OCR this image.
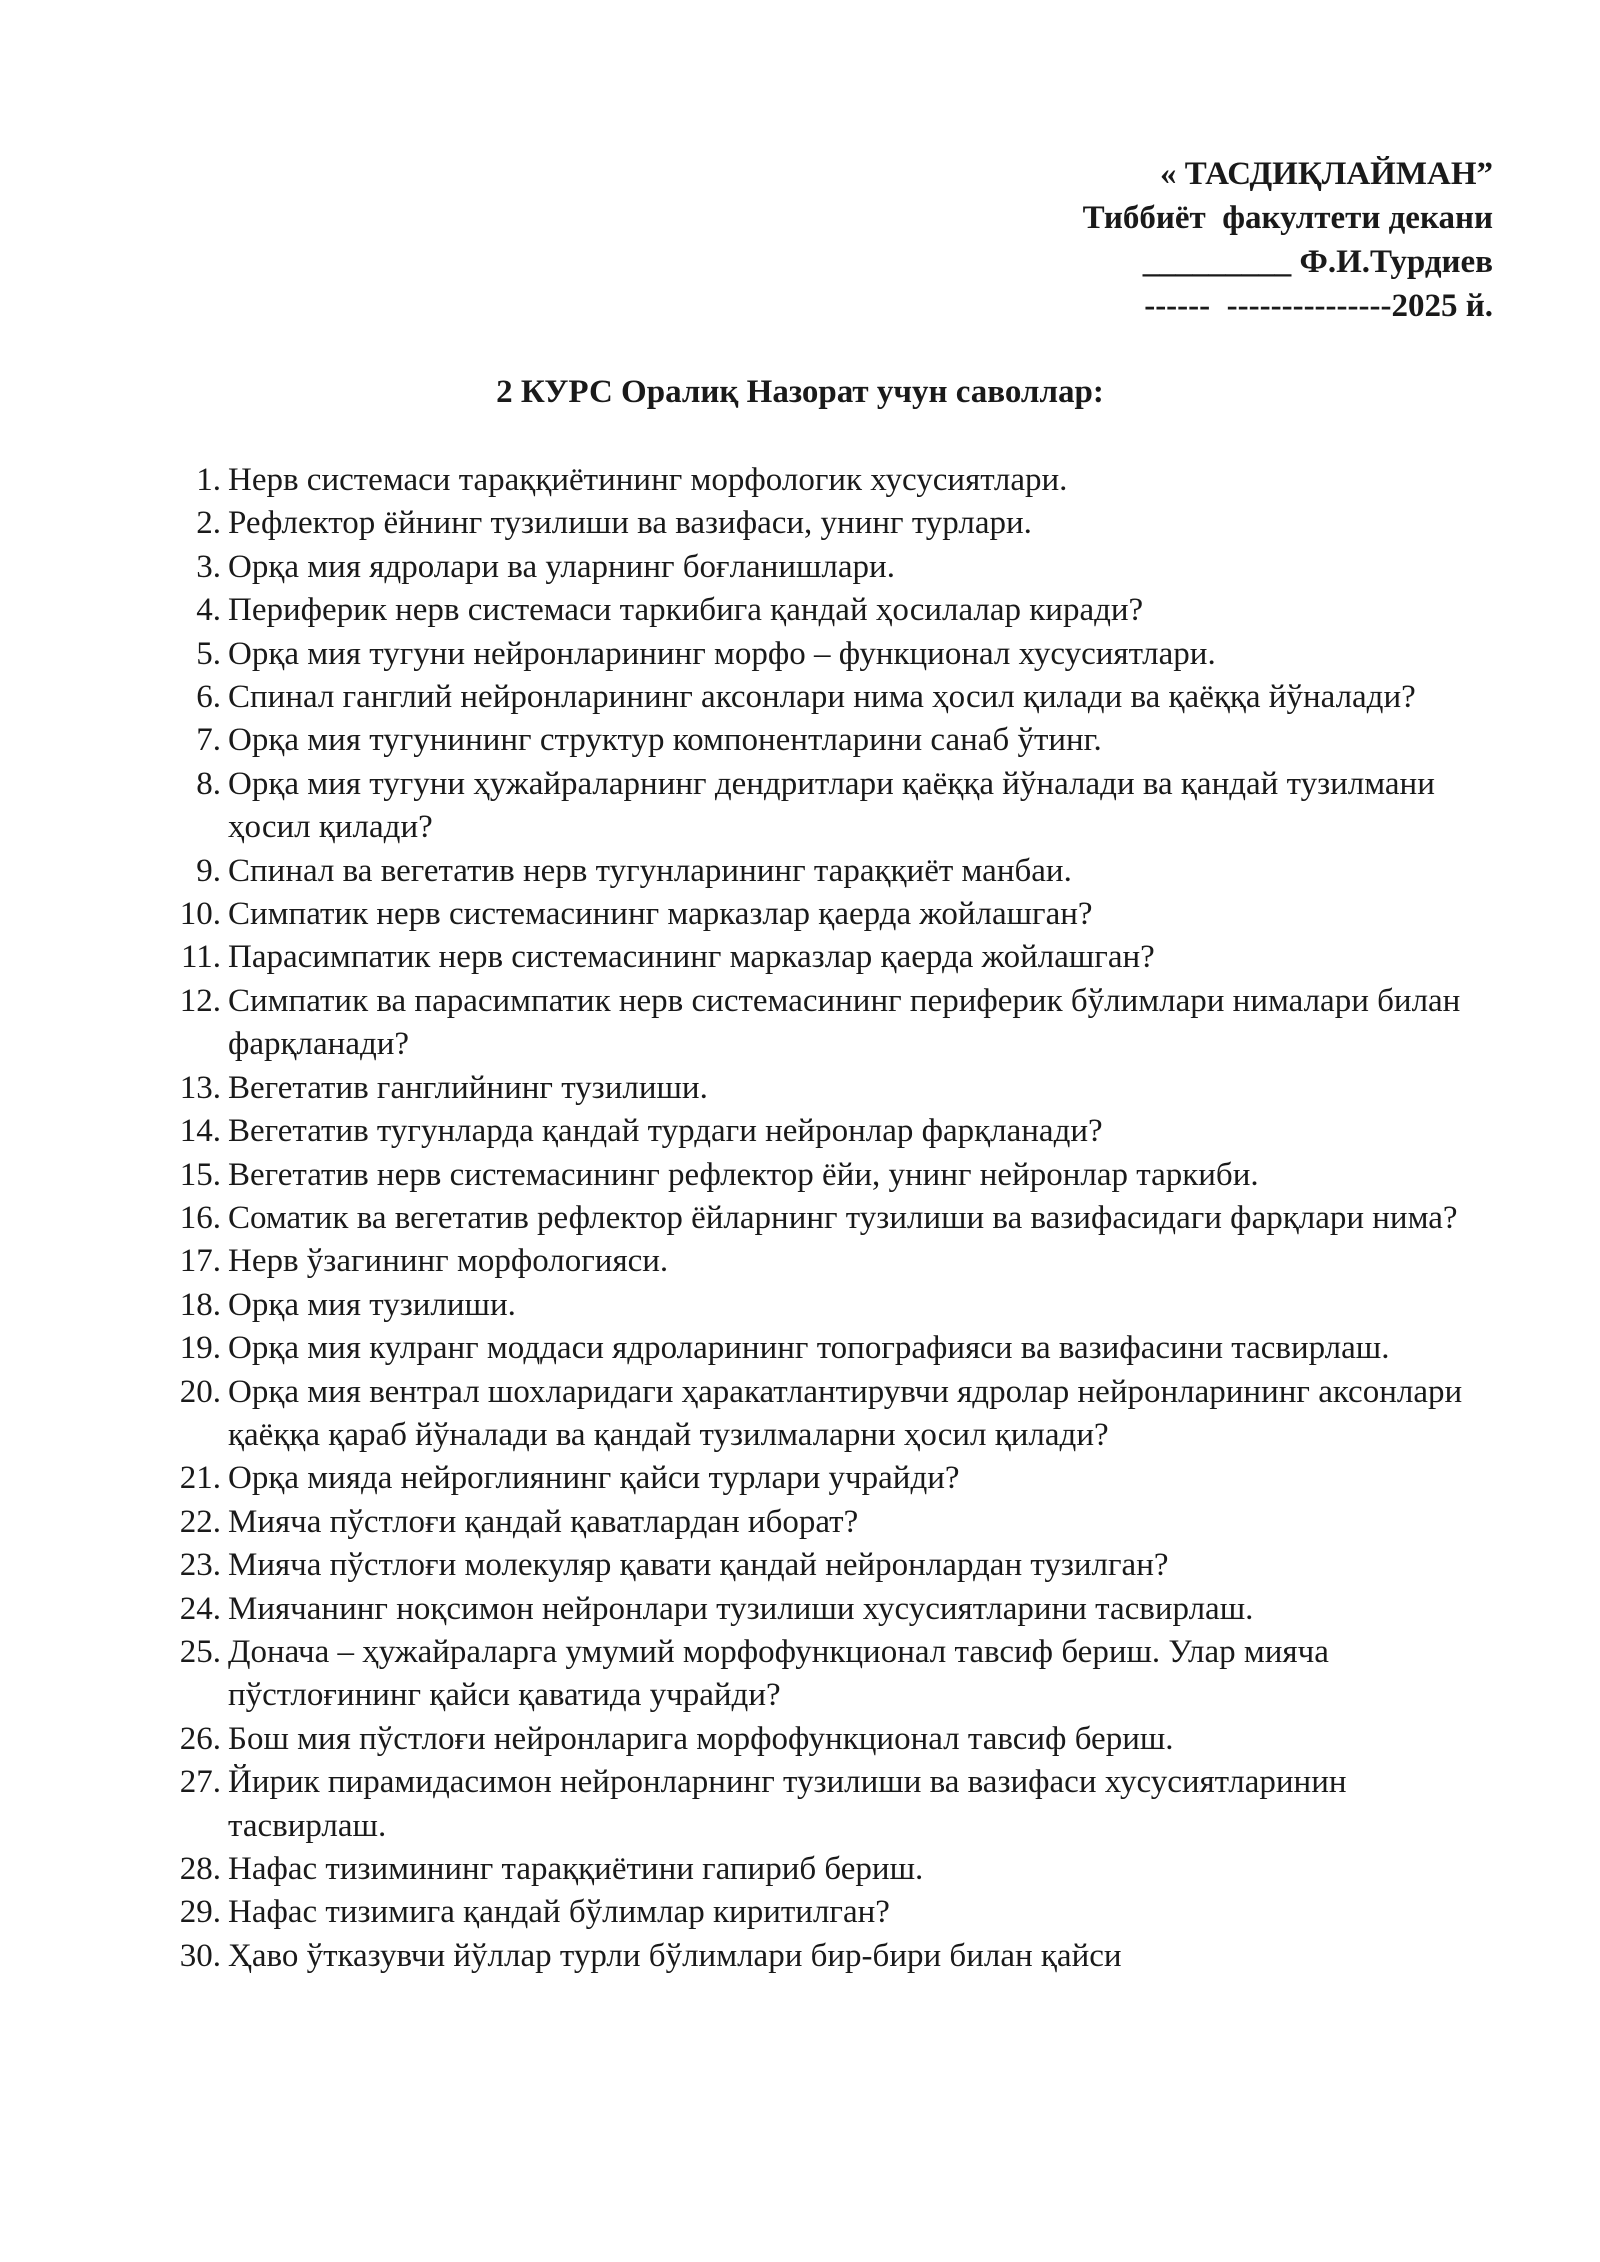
« ТАСДИҚЛАЙМАН”
Тиббиёт  факултети декани
_________ Ф.И.Турдиев
------  ---------------2025 й.
2 КУРС Оралиқ Назорат учун саволлар:
1. Нерв системаси тараққиётининг морфологик хусусиятлари.
2. Рефлектор ёйнинг тузилиши ва вазифаси, унинг турлари.
3. Орқа мия ядролари ва уларнинг боғланишлари.
4. Периферик нерв системаси таркибига қандай ҳосилалар киради?
5. Орқа мия тугуни нейронларининг морфо – функционал хусусиятлари.
6. Спинал ганглий нейронларининг аксонлари нима ҳосил қилади ва қаёққа йўналади?
7. Орқа мия тугунининг структур компонентларини санаб ўтинг.
8. Орқа мия тугуни ҳужайраларнинг дендритлари қаёққа йўналади ва қандай тузилмани ҳосил қилади?
9. Спинал ва вегетатив нерв тугунларининг тараққиёт манбаи.
10. Симпатик нерв системасининг марказлар қаерда жойлашган?
11. Парасимпатик нерв системасининг марказлар қаерда жойлашган?
12. Симпатик ва парасимпатик нерв системасининг периферик бўлимлари нималари билан фарқланади?
13. Вегетатив ганглийнинг тузилиши.
14. Вегетатив тугунларда қандай турдаги нейронлар фарқланади?
15. Вегетатив нерв системасининг рефлектор ёйи, унинг нейронлар таркиби.
16. Соматик ва вегетатив рефлектор ёйларнинг тузилиши ва вазифасидаги фарқлари нима?
17. Нерв ўзагининг морфологияси.
18. Орқа мия тузилиши.
19. Орқа мия кулранг моддаси ядроларининг топографияси ва вазифасини тасвирлаш.
20. Орқа мия вентрал шохларидаги ҳаракатлантирувчи ядролар нейронларининг аксонлари қаёққа қараб йўналади ва қандай тузилмаларни ҳосил қилади?
21. Орқа мияда нейроглиянинг қайси турлари учрайди?
22. Мияча пўстлоғи қандай қаватлардан иборат?
23. Мияча пўстлоғи молекуляр қавати қандай нейронлардан тузилган?
24. Миячанинг ноқсимон нейронлари тузилиши хусусиятларини тасвирлаш.
25. Донача – ҳужайраларга умумий морфофункционал тавсиф бериш. Улар мияча пўстлоғининг қайси қаватида учрайди?
26. Бош мия пўстлоғи нейронларига морфофункционал тавсиф бериш.
27. Йирик пирамидасимон нейронларнинг тузилиши ва вазифаси хусусиятларинин тасвирлаш.
28. Нафас тизимининг тараққиётини гапириб бериш.
29. Нафас тизимига қандай бўлимлар киритилган?
30. Ҳаво ўтказувчи йўллар турли бўлимлари бир-бири билан қайси
